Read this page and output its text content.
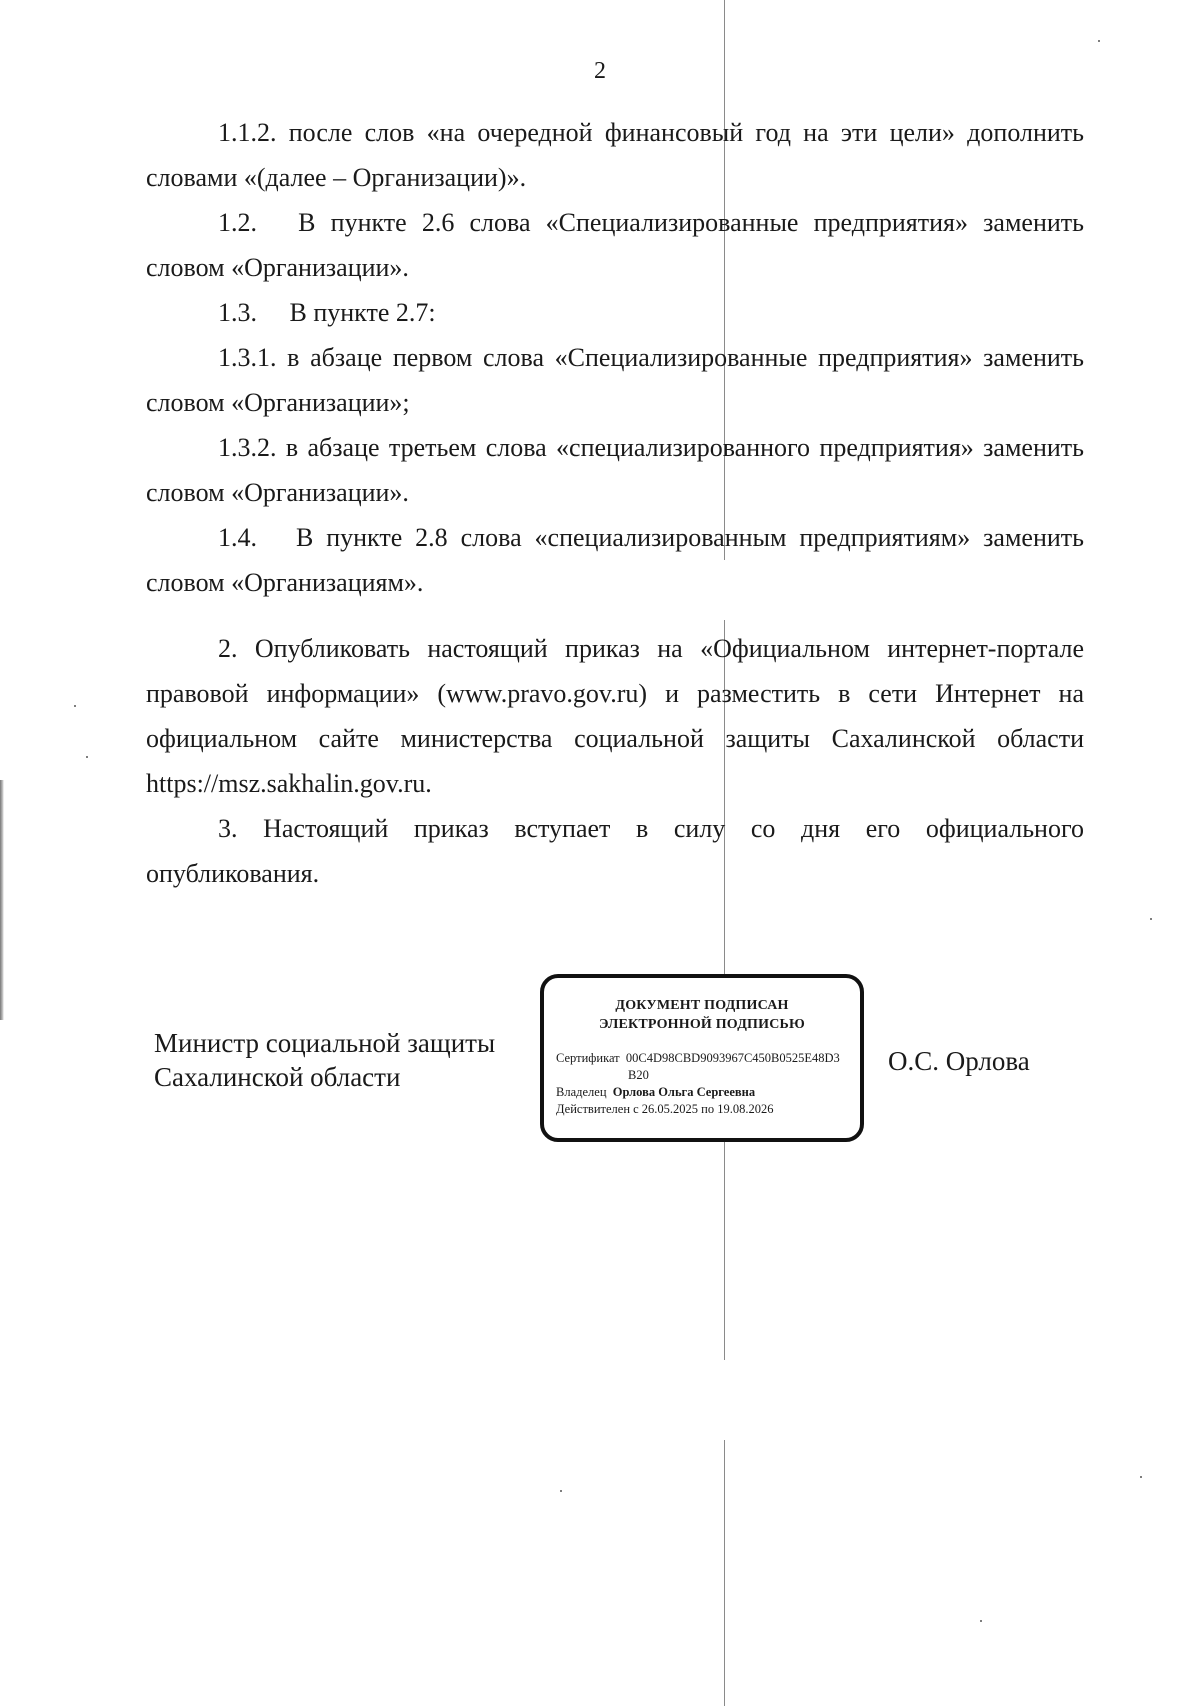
2

1.1.2. после слов «на очередной финансовый год на эти цели» дополнить словами «(далее – Организации)».

1.2.  В пункте 2.6 слова «Специализированные предприятия» заменить словом «Организации».

1.3.  В пункте 2.7:

1.3.1. в абзаце первом слова «Специализированные предприятия» заменить словом «Организации»;

1.3.2. в абзаце третьем слова «специализированного предприятия» заменить словом «Организации».

1.4.  В пункте 2.8 слова «специализированным предприятиям» заменить словом «Организациям».

2. Опубликовать настоящий приказ на «Официальном интернет-портале правовой информации» (www.pravo.gov.ru) и разместить в сети Интернет на официальном сайте министерства социальной защиты Сахалинской области https://msz.sakhalin.gov.ru.

3. Настоящий приказ вступает в силу со дня его официального опубликования.

Министр социальной защиты
Сахалинской области
ДОКУМЕНТ ПОДПИСАН
ЭЛЕКТРОННОЙ ПОДПИСЬЮ
Сертификат 00C4D98CBD9093967C450B0525E48D3
B20
Владелец Орлова Ольга Сергеевна
Действителен с 26.05.2025 по 19.08.2026
О.С. Орлова
